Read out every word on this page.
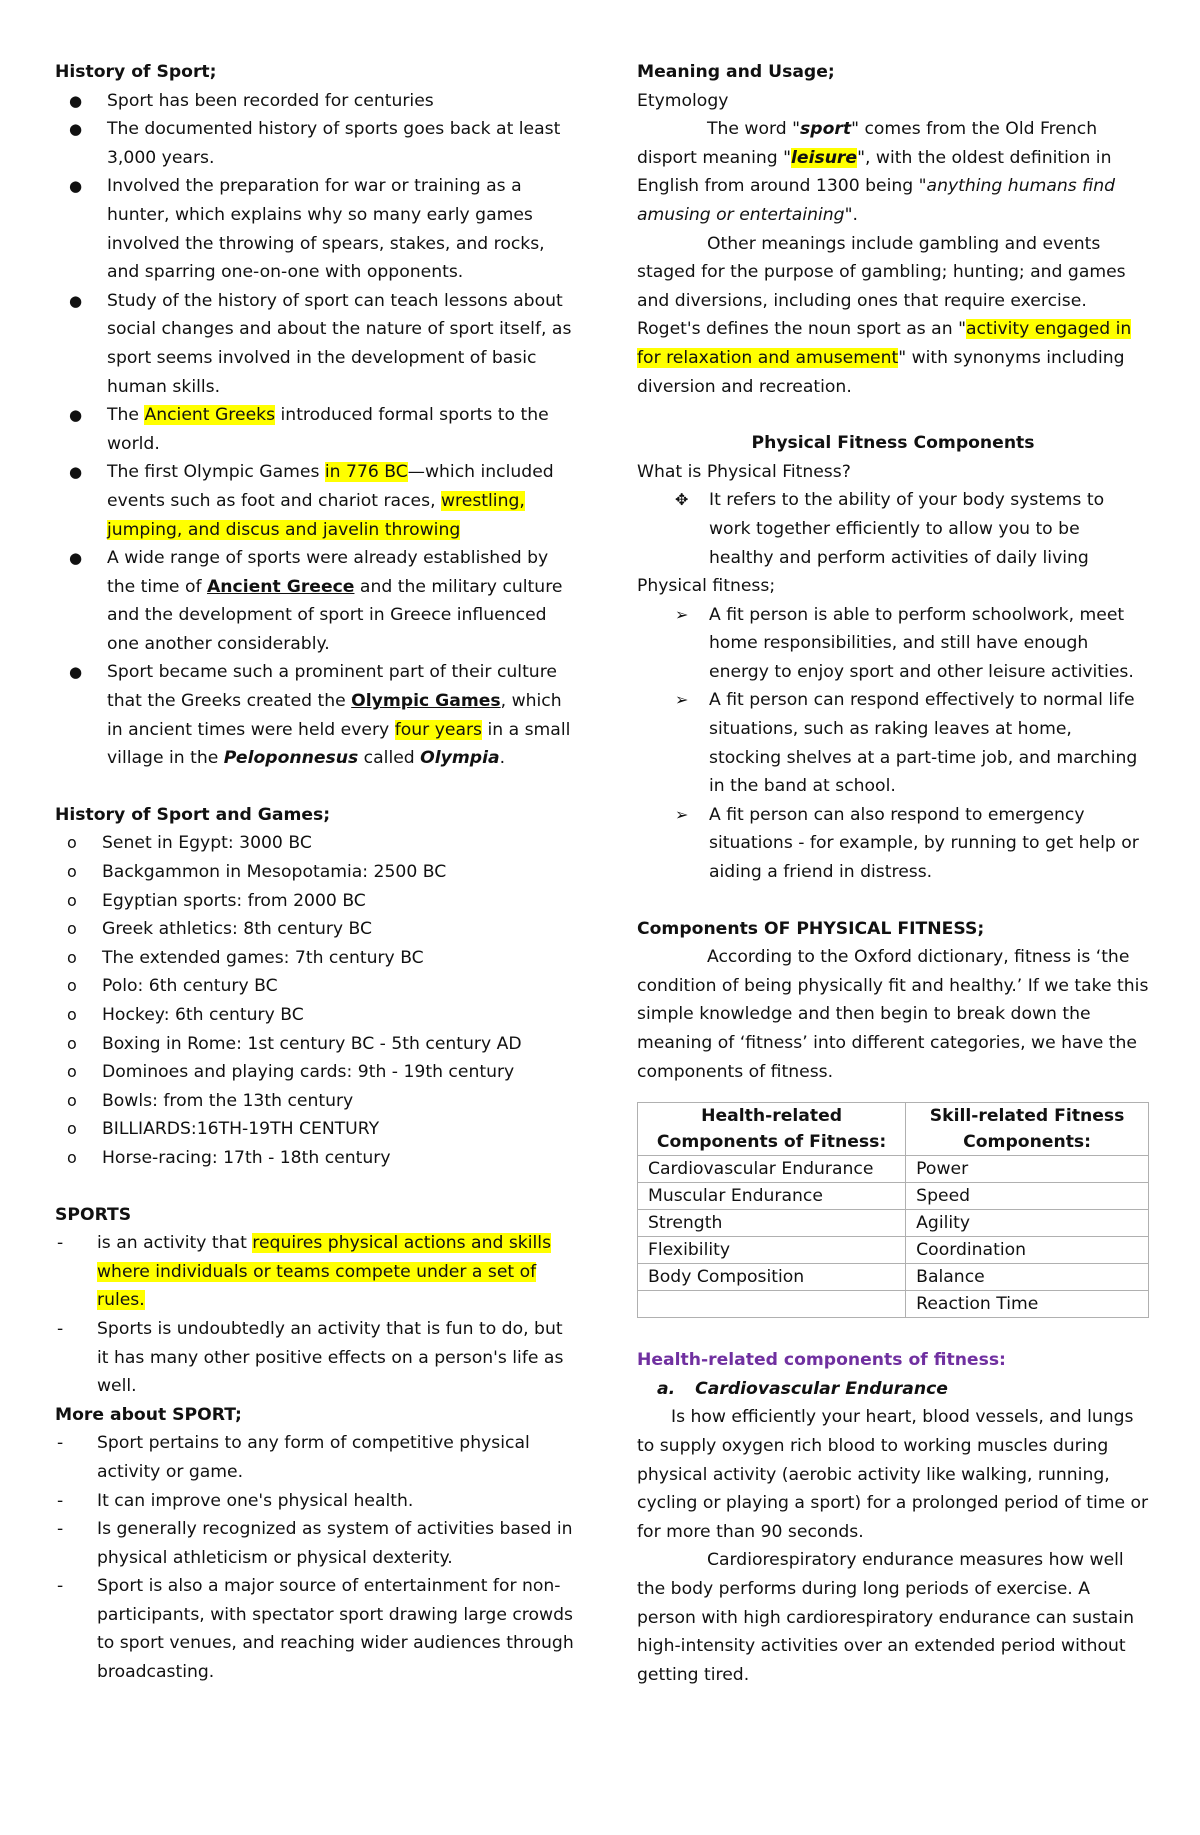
History of Sport;

● Sport has been recorded for centuries
● The documented history of sports goes back at least 3,000 years.
● Involved the preparation for war or training as a hunter, which explains why so many early games involved the throwing of spears, stakes, and rocks, and sparring one-on-one with opponents.
● Study of the history of sport can teach lessons about social changes and about the nature of sport itself, as sport seems involved in the development of basic human skills.
● The Ancient Greeks introduced formal sports to the world.
● The first Olympic Games in 776 BC—which included events such as foot and chariot races, wrestling, jumping, and discus and javelin throwing
● A wide range of sports were already established by the time of Ancient Greece and the military culture and the development of sport in Greece influenced one another considerably.
● Sport became such a prominent part of their culture that the Greeks created the Olympic Games, which in ancient times were held every four years in a small village in the Peloponnesus called Olympia.

History of Sport and Games;

o Senet in Egypt: 3000 BC
o Backgammon in Mesopotamia: 2500 BC
o Egyptian sports: from 2000 BC
o Greek athletics: 8th century BC
o The extended games: 7th century BC
o Polo: 6th century BC
o Hockey: 6th century BC
o Boxing in Rome: 1st century BC - 5th century AD
o Dominoes and playing cards: 9th - 19th century
o Bowls: from the 13th century
o BILLIARDS:16TH-19TH CENTURY
o Horse-racing: 17th - 18th century

SPORTS

- is an activity that requires physical actions and skills where individuals or teams compete under a set of rules.
- Sports is undoubtedly an activity that is fun to do, but it has many other positive effects on a person's life as well.

More about SPORT;

- Sport pertains to any form of competitive physical activity or game.
- It can improve one's physical health.
- Is generally recognized as system of activities based in physical athleticism or physical dexterity.
- Sport is also a major source of entertainment for non-participants, with spectator sport drawing large crowds to sport venues, and reaching wider audiences through broadcasting.

Meaning and Usage;

Etymology

The word "sport" comes from the Old French disport meaning "leisure", with the oldest definition in English from around 1300 being "anything humans find amusing or entertaining".

Other meanings include gambling and events staged for the purpose of gambling; hunting; and games and diversions, including ones that require exercise. Roget's defines the noun sport as an "activity engaged in for relaxation and amusement" with synonyms including diversion and recreation.

Physical Fitness Components

What is Physical Fitness?

✥ It refers to the ability of your body systems to work together efficiently to allow you to be healthy and perform activities of daily living

Physical fitness;

➢ A fit person is able to perform schoolwork, meet home responsibilities, and still have enough energy to enjoy sport and other leisure activities.
➢ A fit person can respond effectively to normal life situations, such as raking leaves at home, stocking shelves at a part-time job, and marching in the band at school.
➢ A fit person can also respond to emergency situations - for example, by running to get help or aiding a friend in distress.

Components OF PHYSICAL FITNESS;

According to the Oxford dictionary, fitness is ‘the condition of being physically fit and healthy.’ If we take this simple knowledge and then begin to break down the meaning of ‘fitness’ into different categories, we have the components of fitness.

Health-related Components of Fitness:	Skill-related Fitness Components:
Cardiovascular Endurance	Power
Muscular Endurance	Speed
Strength	Agility
Flexibility	Coordination
Body Composition	Balance
	Reaction Time

Health-related components of fitness:

a. Cardiovascular Endurance

Is how efficiently your heart, blood vessels, and lungs to supply oxygen rich blood to working muscles during physical activity (aerobic activity like walking, running, cycling or playing a sport) for a prolonged period of time or for more than 90 seconds.

Cardiorespiratory endurance measures how well the body performs during long periods of exercise. A person with high cardiorespiratory endurance can sustain high-intensity activities over an extended period without getting tired.
